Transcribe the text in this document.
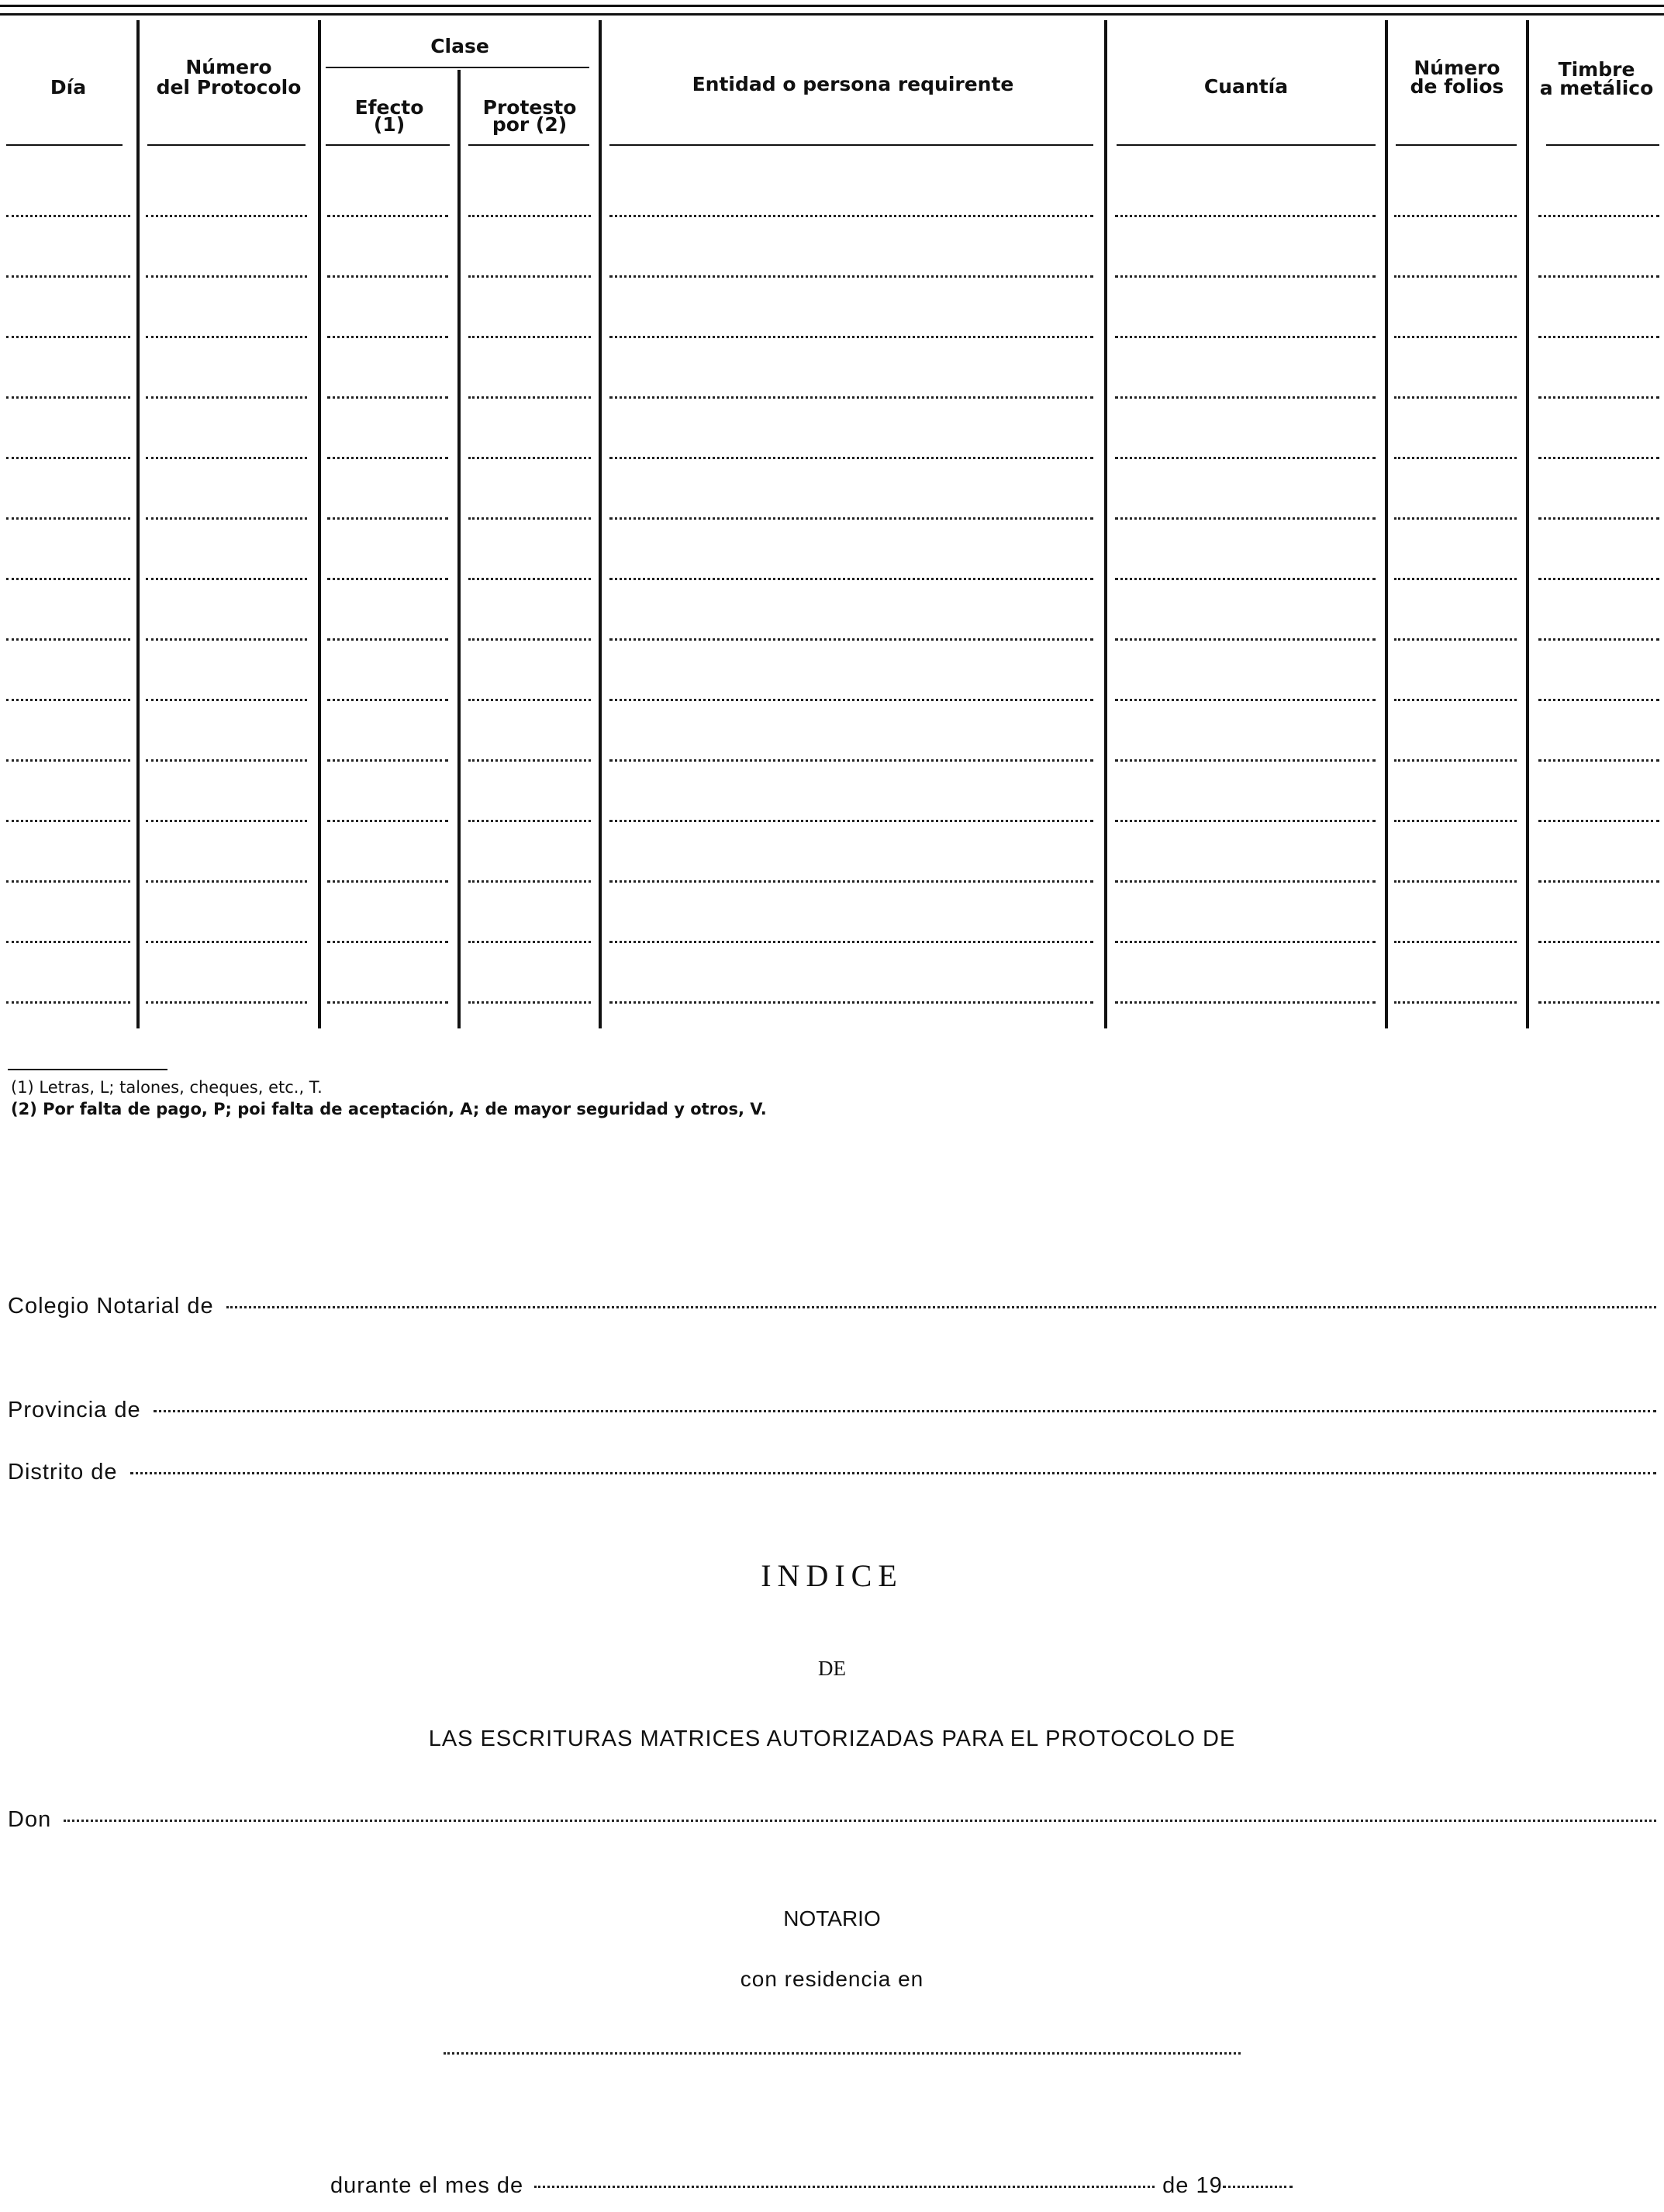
Día
Número
del Protocolo
Clase
Efecto
(1)
Protesto
por (2)
Entidad o persona requirente	Cuantía
Número
de folios
Timbre
a metálico
(1) Letras, L; talones, cheques, etc., T.
(2) Por falta de pago, P; poi falta de aceptación, A; de mayor seguridad y otros, V.
Colegio Notarial de
Provincia de
Distrito de
INDICE
DE
LAS ESCRITURAS MATRICES AUTORIZADAS PARA EL PROTOCOLO DE
Don
NOTARIO
con residencia en
durante el mes de	de 19
